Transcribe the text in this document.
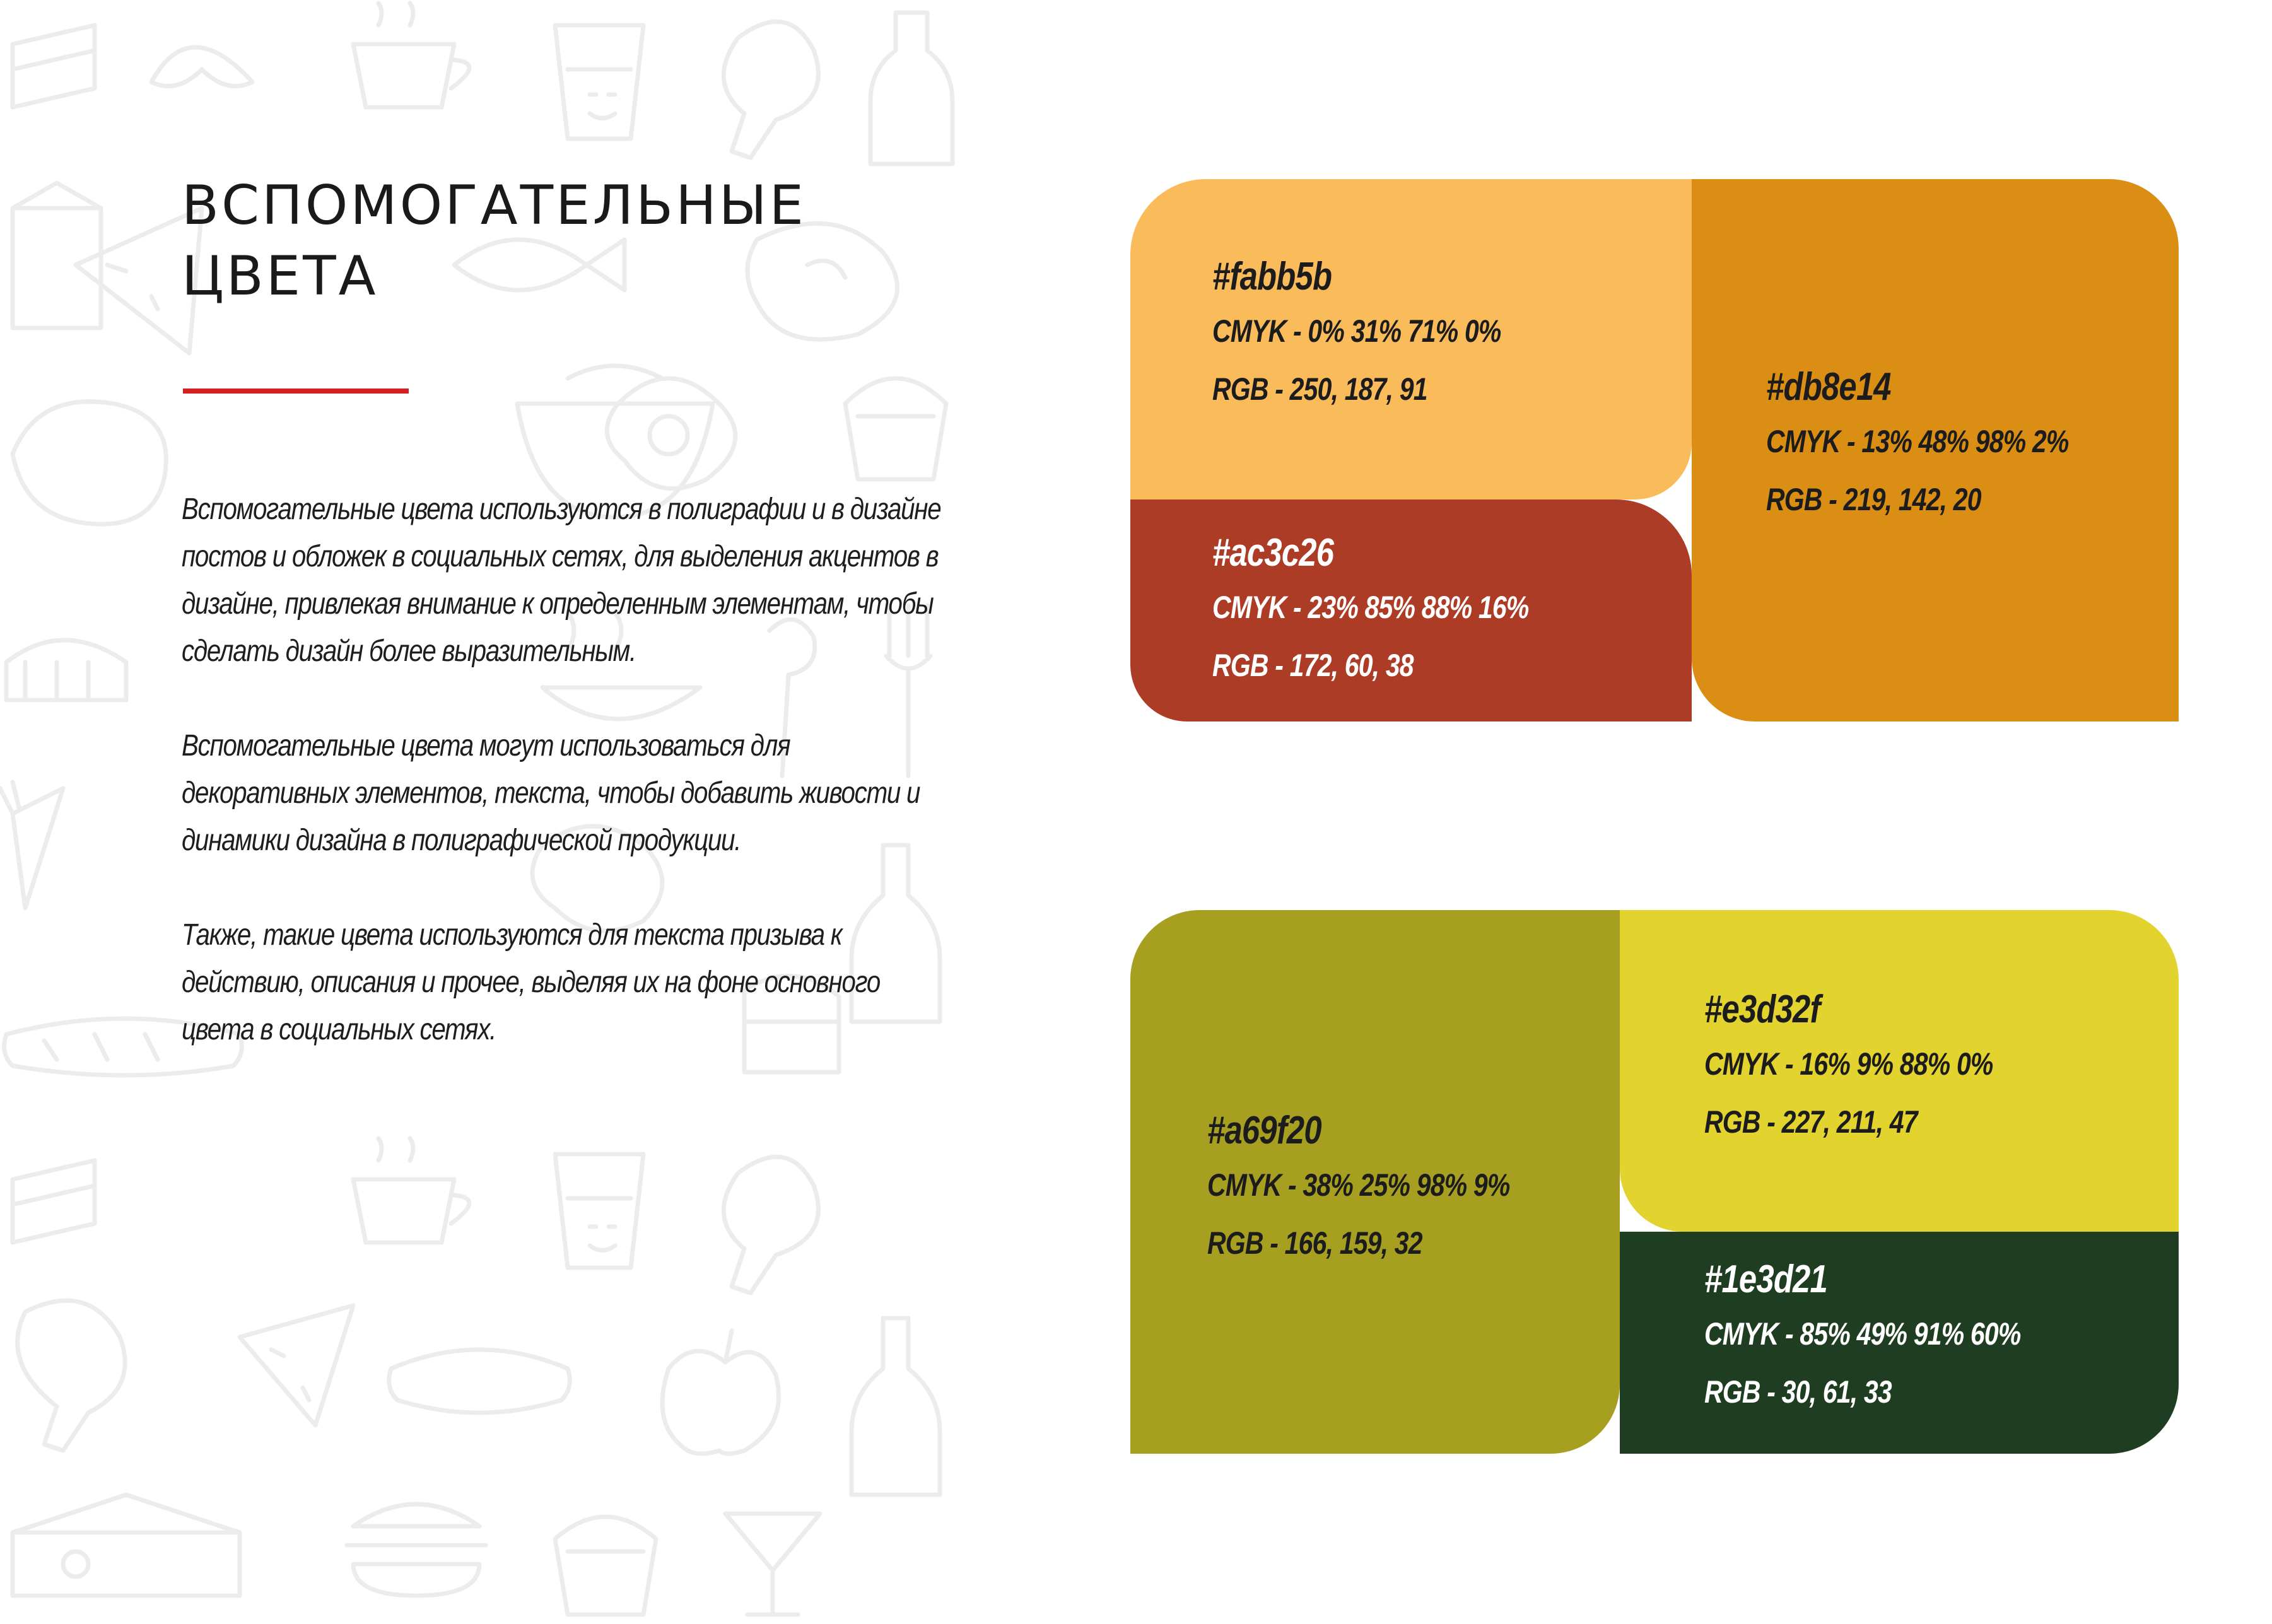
ВСПОМОГАТЕЛЬНЫЕ
ЦВЕТА

Вспомогательные цвета используются в полиграфии и в дизайне постов и обложек в социальных сетях, для выделения акцентов в дизайне, привлекая внимание к определенным элементам, чтобы сделать дизайн более выразительным.

Вспомогательные цвета могут использоваться для декоративных элементов, текста, чтобы добавить живости и динамики дизайна в полиграфической продукции.

Также, такие цвета используются для текста призыва к действию, описания и прочее, выделяя их на фоне основного цвета в социальных сетях.

#fabb5b
CMYK - 0% 31% 71% 0%
RGB - 250, 187, 91
#ac3c26
CMYK - 23% 85% 88% 16%
RGB - 172, 60, 38
#db8e14
CMYK - 13% 48% 98% 2%
RGB - 219, 142, 20
#a69f20
CMYK - 38% 25% 98% 9%
RGB - 166, 159, 32
#e3d32f
CMYK - 16% 9% 88% 0%
RGB - 227, 211, 47
#1e3d21
CMYK - 85% 49% 91% 60%
RGB - 30, 61, 33
